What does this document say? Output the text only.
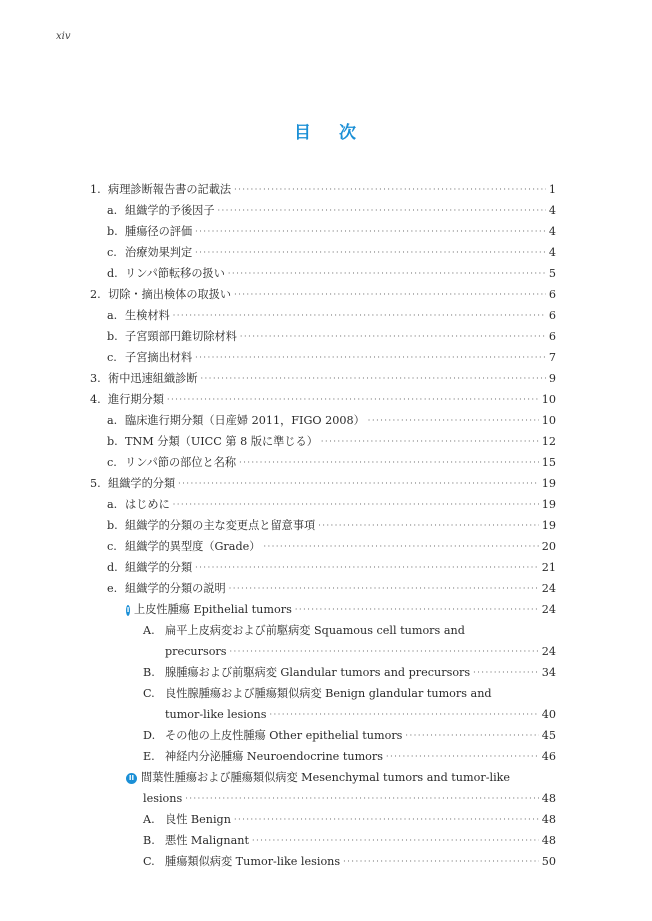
xiv
目 次
1. 病理診断報告書の記載法 ·····	1
a. 組織学的予後因子 ·····	4
b. 腫瘍径の評価 ·····	4
c. 治療効果判定 ·····	4
d. リンパ節転移の扱い ·····	5
2. 切除・摘出検体の取扱い ·····	6
a. 生検材料 ·····	6
b. 子宮頸部円錐切除材料 ·····	6
c. 子宮摘出材料 ·····	7
3. 術中迅速組織診断 ·····	9
4. 進行期分類 ·····	10
a. 臨床進行期分類（日産婦 2011，FIGO 2008） ·····	10
b. TNM 分類（UICC 第 8 版に準じる） ·····	12
c. リンパ節の部位と名称 ·····	15
5. 組織学的分類 ·····	19
a. はじめに ·····	19
b. 組織学的分類の主な変更点と留意事項 ·····	19
c. 組織学的異型度（Grade） ·····	20
d. 組織学的分類 ·····	21
e. 組織学的分類の説明 ·····	24
I 上皮性腫瘍 Epithelial tumors ·····	24
A. 扁平上皮病変および前駆病変 Squamous cell tumors and
precursors ·····	24
B. 腺腫瘍および前駆病変 Glandular tumors and precursors ·····	34
C. 良性腺腫瘍および腫瘍類似病変 Benign glandular tumors and
tumor-like lesions ·····	40
D. その他の上皮性腫瘍 Other epithelial tumors ·····	45
E. 神経内分泌腫瘍 Neuroendocrine tumors ·····	46
II 間葉性腫瘍および腫瘍類似病変 Mesenchymal tumors and tumor-like
lesions ·····	48
A. 良性 Benign ·····	48
B. 悪性 Malignant ·····	48
C. 腫瘍類似病変 Tumor-like lesions ·····	50
